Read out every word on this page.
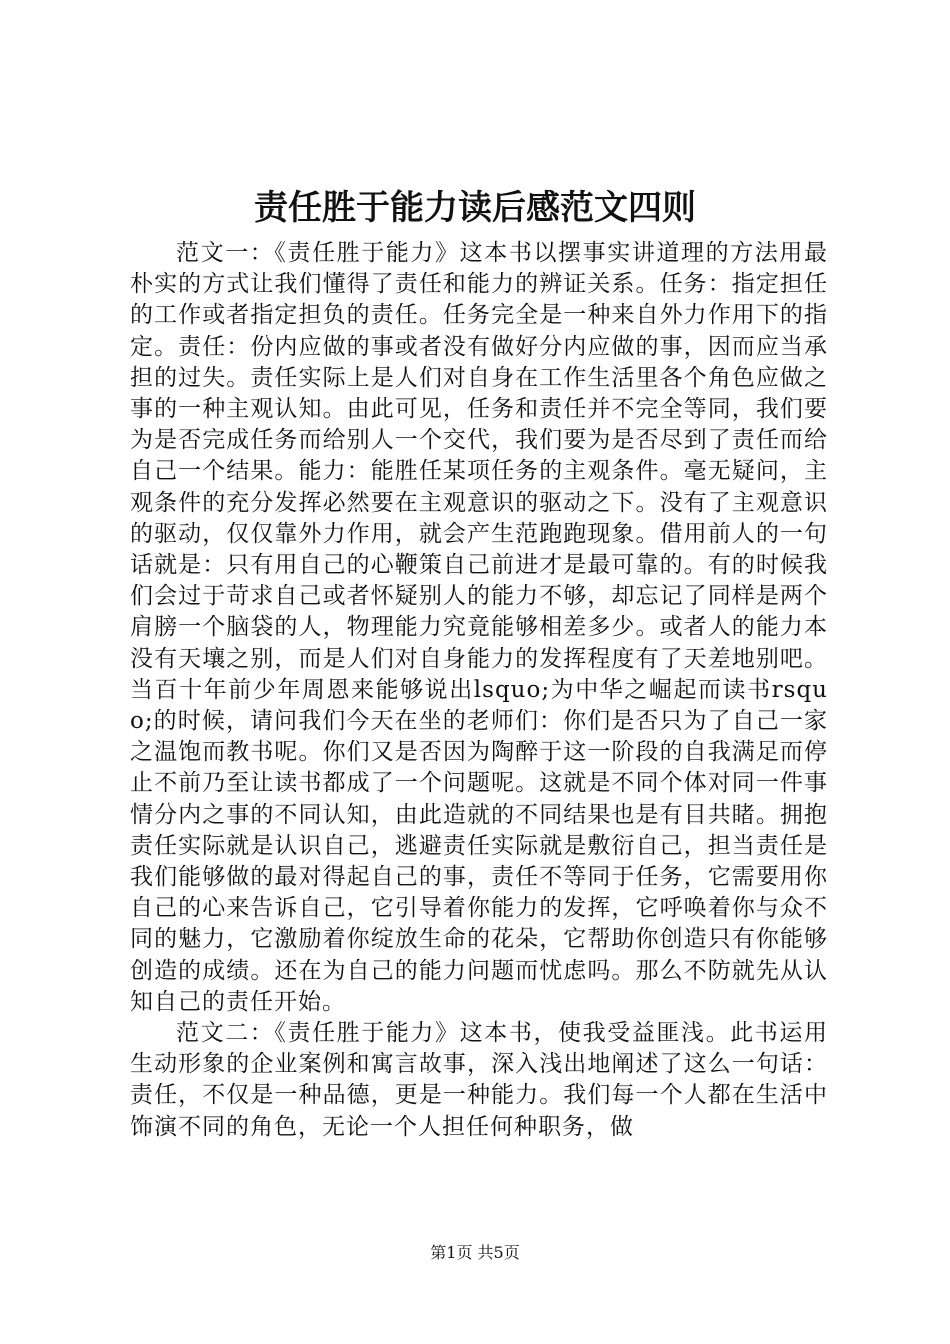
责任胜于能力读后感范文四则

范文一：《责任胜于能力》这本书以摆事实讲道理的方法用最朴实的方式让我们懂得了责任和能力的辨证关系。任务：指定担任的工作或者指定担负的责任。任务完全是一种来自外力作用下的指定。责任：份内应做的事或者没有做好分内应做的事，因而应当承担的过失。责任实际上是人们对自身在工作生活里各个角色应做之事的一种主观认知。由此可见，任务和责任并不完全等同，我们要为是否完成任务而给别人一个交代，我们要为是否尽到了责任而给自己一个结果。能力：能胜任某项任务的主观条件。毫无疑问，主观条件的充分发挥必然要在主观意识的驱动之下。没有了主观意识的驱动，仅仅靠外力作用，就会产生范跑跑现象。借用前人的一句话就是：只有用自己的心鞭策自己前进才是最可靠的。有的时候我们会过于苛求自己或者怀疑别人的能力不够，却忘记了同样是两个肩膀一个脑袋的人，物理能力究竟能够相差多少。或者人的能力本没有天壤之别，而是人们对自身能力的发挥程度有了天差地别吧。当百十年前少年周恩来能够说出lsquo;为中华之崛起而读书rsquo;的时候，请问我们今天在坐的老师们：你们是否只为了自己一家之温饱而教书呢。你们又是否因为陶醉于这一阶段的自我满足而停止不前乃至让读书都成了一个问题呢。这就是不同个体对同一件事情分内之事的不同认知，由此造就的不同结果也是有目共睹。拥抱责任实际就是认识自己，逃避责任实际就是敷衍自己，担当责任是我们能够做的最对得起自己的事，责任不等同于任务，它需要用你自己的心来告诉自己，它引导着你能力的发挥，它呼唤着你与众不同的魅力，它激励着你绽放生命的花朵，它帮助你创造只有你能够创造的成绩。还在为自己的能力问题而忧虑吗。那么不防就先从认知自己的责任开始。

范文二：《责任胜于能力》这本书，使我受益匪浅。此书运用生动形象的企业案例和寓言故事，深入浅出地阐述了这么一句话：责任，不仅是一种品德，更是一种能力。我们每一个人都在生活中饰演不同的角色，无论一个人担任何种职务，做

第1页 共5页
